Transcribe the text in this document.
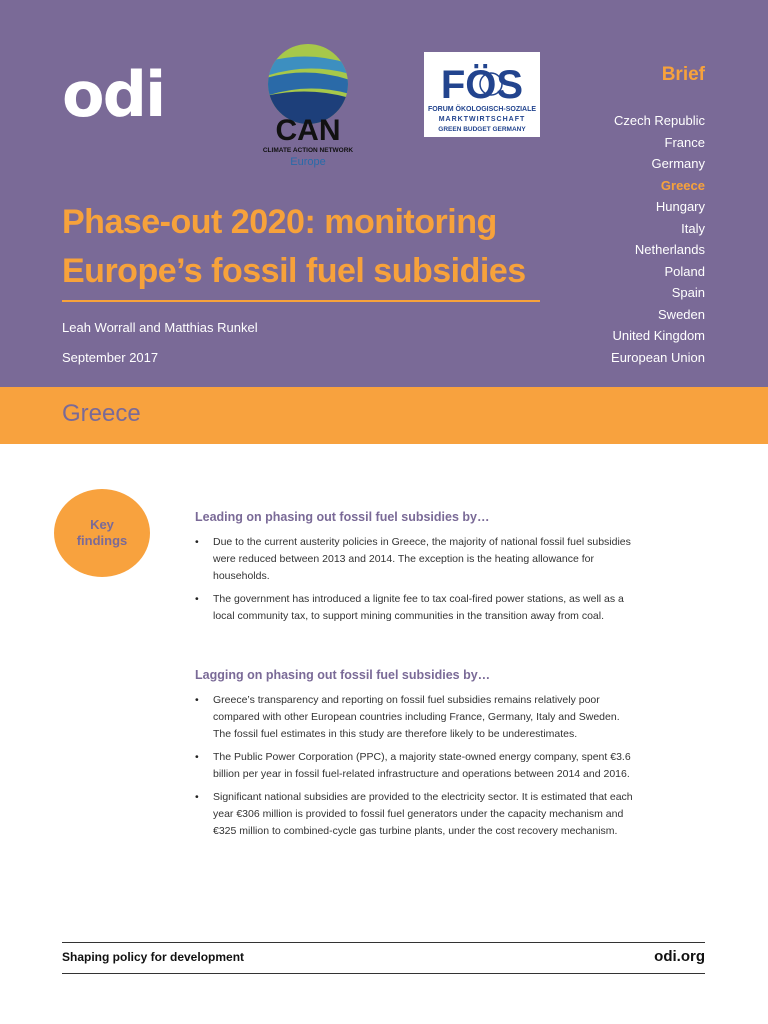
odi	CAN
CLIMATE ACTION NETWORK
Europe
FÖS
FORUM ÖKOLOGISCH-SOZIALE
MARKTWIRTSCHAFT
GREEN BUDGET GERMANY
Brief
Czech Republic
France
Germany
Greece
Hungary
Italy
Netherlands
Poland
Spain
Sweden
United Kingdom
European Union
Phase-out 2020: monitoring
Europe’s fossil fuel subsidies
Leah Worrall and Matthias Runkel
September 2017
Greece
Key
findings
Leading on phasing out fossil fuel subsidies by…
• Due to the current austerity policies in Greece, the majority of national fossil fuel subsidies were reduced between 2013 and 2014. The exception is the heating allowance for households.
• The government has introduced a lignite fee to tax coal-fired power stations, as well as a local community tax, to support mining communities in the transition away from coal.
Lagging on phasing out fossil fuel subsidies by…
• Greece’s transparency and reporting on fossil fuel subsidies remains relatively poor compared with other European countries including France, Germany, Italy and Sweden. The fossil fuel estimates in this study are therefore likely to be underestimates.
• The Public Power Corporation (PPC), a majority state-owned energy company, spent €3.6 billion per year in fossil fuel-related infrastructure and operations between 2014 and 2016.
• Significant national subsidies are provided to the electricity sector. It is estimated that each year €306 million is provided to fossil fuel generators under the capacity mechanism and €325 million to combined-cycle gas turbine plants, under the cost recovery mechanism.
Shaping policy for development	odi.org
